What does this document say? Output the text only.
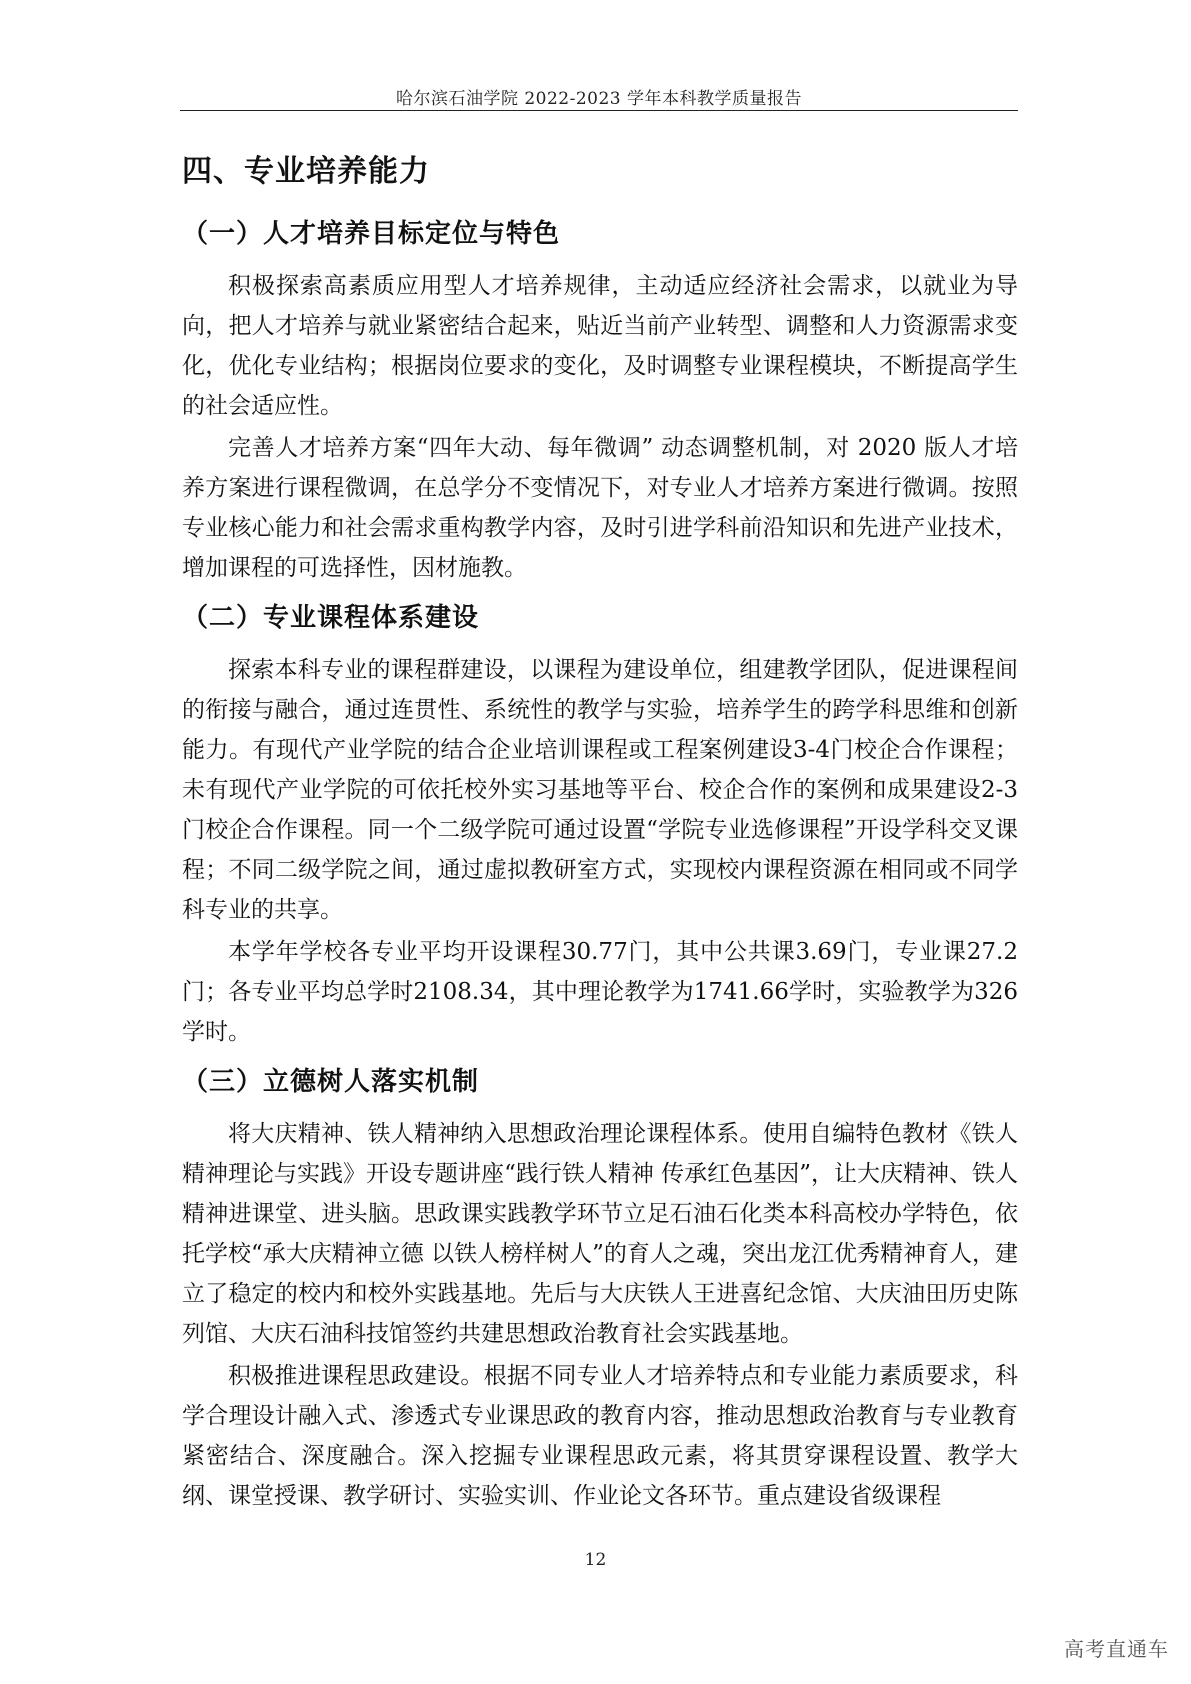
哈尔滨石油学院 2022-2023 学年本科教学质量报告
四、专业培养能力
（一）人才培养目标定位与特色

积极探索高素质应用型人才培养规律，主动适应经济社会需求，以就业为导向，把人才培养与就业紧密结合起来，贴近当前产业转型、调整和人力资源需求变化，优化专业结构；根据岗位要求的变化，及时调整专业课程模块，不断提高学生的社会适应性。

完善人才培养方案“四年大动、每年微调” 动态调整机制，对 2020 版人才培养方案进行课程微调，在总学分不变情况下，对专业人才培养方案进行微调。按照专业核心能力和社会需求重构教学内容，及时引进学科前沿知识和先进产业技术，增加课程的可选择性，因材施教。

（二）专业课程体系建设

探索本科专业的课程群建设，以课程为建设单位，组建教学团队，促进课程间的衔接与融合，通过连贯性、系统性的教学与实验，培养学生的跨学科思维和创新能力。有现代产业学院的结合企业培训课程或工程案例建设3-4门校企合作课程；未有现代产业学院的可依托校外实习基地等平台、校企合作的案例和成果建设2-3门校企合作课程。同一个二级学院可通过设置“学院专业选修课程”开设学科交叉课程；不同二级学院之间，通过虚拟教研室方式，实现校内课程资源在相同或不同学科专业的共享。

本学年学校各专业平均开设课程30.77门，其中公共课3.69门，专业课27.2门；各专业平均总学时2108.34，其中理论教学为1741.66学时，实验教学为326学时。

（三）立德树人落实机制

将大庆精神、铁人精神纳入思想政治理论课程体系。使用自编特色教材《铁人精神理论与实践》开设专题讲座“践行铁人精神 传承红色基因”，让大庆精神、铁人精神进课堂、进头脑。思政课实践教学环节立足石油石化类本科高校办学特色，依托学校“承大庆精神立德 以铁人榜样树人”的育人之魂，突出龙江优秀精神育人，建立了稳定的校内和校外实践基地。先后与大庆铁人王进喜纪念馆、大庆油田历史陈列馆、大庆石油科技馆签约共建思想政治教育社会实践基地。

积极推进课程思政建设。根据不同专业人才培养特点和专业能力素质要求，科学合理设计融入式、渗透式专业课思政的教育内容，推动思想政治教育与专业教育紧密结合、深度融合。深入挖掘专业课程思政元素，将其贯穿课程设置、教学大纲、课堂授课、教学研讨、实验实训、作业论文各环节。重点建设省级课程

12
高考直通车
